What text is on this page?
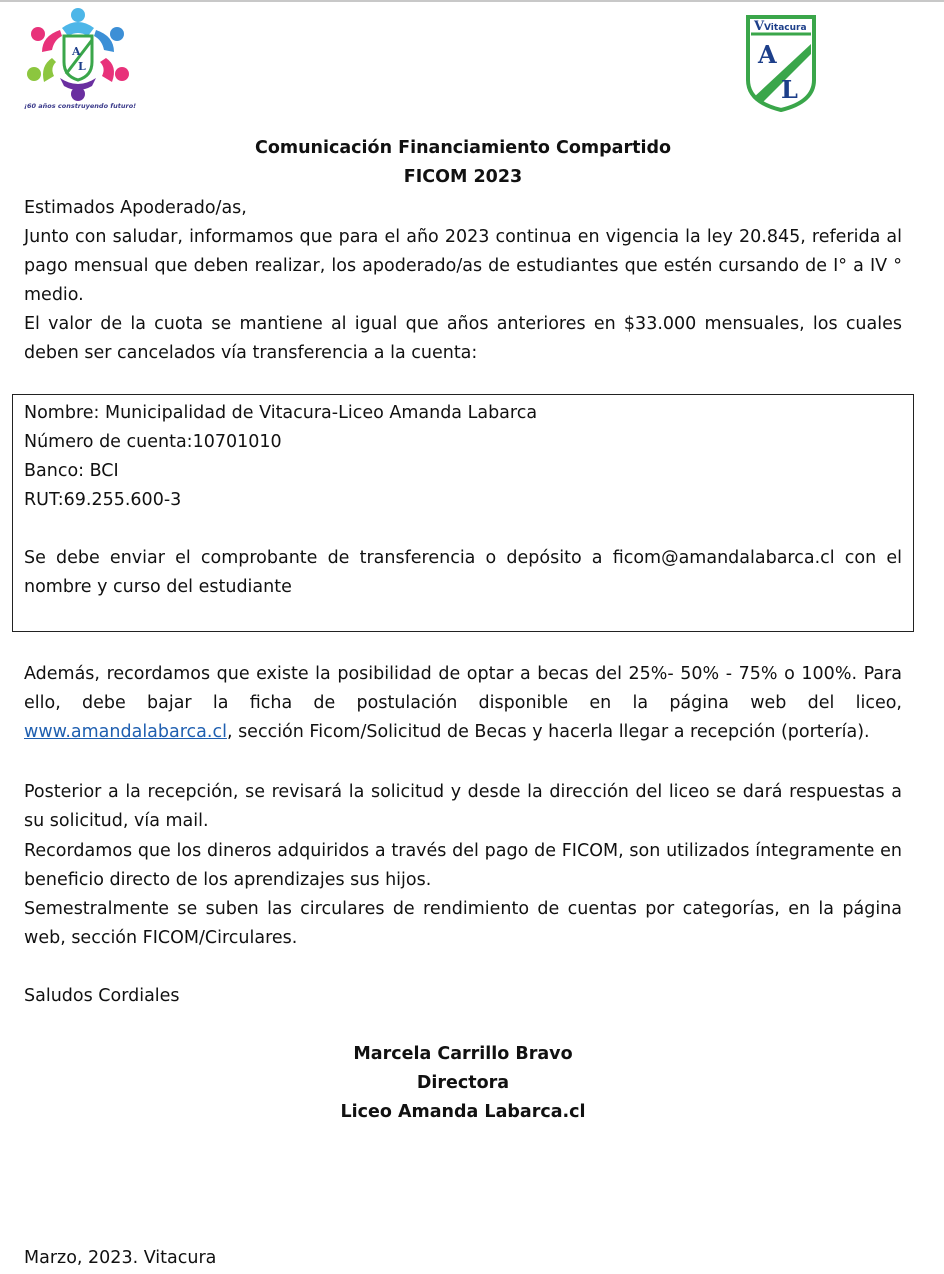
A
L
¡60 años construyendo futuro!
V Vitacura
A
L
Comunicación Financiamiento Compartido
FICOM 2023
Estimados Apoderado/as,
Junto con saludar, informamos que para el año 2023 continua en vigencia la ley 20.845, referida al pago mensual que deben realizar, los apoderado/as de estudiantes que estén cursando de I° a IV ° medio.
El valor de la cuota se mantiene al igual que años anteriores en $33.000 mensuales, los cuales deben ser cancelados vía transferencia a la cuenta:
Nombre: Municipalidad de Vitacura-Liceo Amanda Labarca
Número de cuenta:10701010
Banco: BCI
RUT:69.255.600-3
Se debe enviar el comprobante de transferencia o depósito a ficom@amandalabarca.cl con el nombre y curso del estudiante
Además, recordamos que existe la posibilidad de optar a becas del 25%- 50% - 75% o 100%. Para ello, debe bajar la ficha de postulación disponible en la página web del liceo, www.amandalabarca.cl, sección Ficom/Solicitud de Becas y hacerla llegar a recepción (portería).
Posterior a la recepción, se revisará la solicitud y desde la dirección del liceo se dará respuestas a su solicitud, vía mail.
Recordamos que los dineros adquiridos a través del pago de FICOM, son utilizados íntegramente en beneficio directo de los aprendizajes sus hijos.
Semestralmente se suben las circulares de rendimiento de cuentas por categorías, en la página web, sección FICOM/Circulares.
Saludos Cordiales
Marcela Carrillo Bravo
Directora
Liceo Amanda Labarca.cl
Marzo, 2023. Vitacura
